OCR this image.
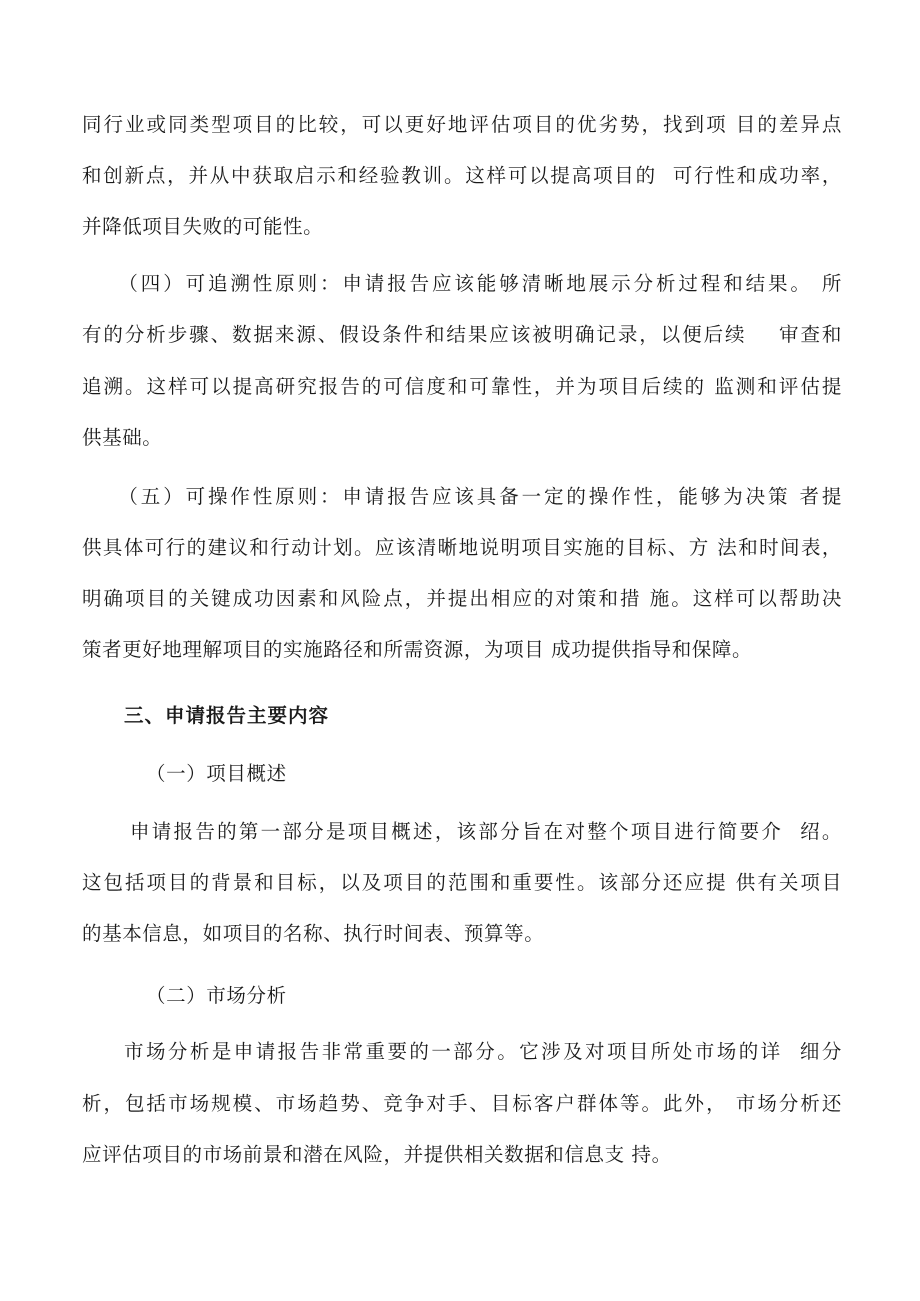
同行业或同类型项目的比较，可以更好地评估项目的优劣势，找到项 目的差异点
和创新点，并从中获取启示和经验教训。这样可以提高项目的  可行性和成功率，
并降低项目失败的可能性。
（四）可追溯性原则：申请报告应该能够清晰地展示分析过程和结果。 所
有的分析步骤、数据来源、假设条件和结果应该被明确记录，以便后续    审查和
追溯。这样可以提高研究报告的可信度和可靠性，并为项目后续的 监测和评估提
供基础。
（五）可操作性原则：申请报告应该具备一定的操作性，能够为决策 者提
供具体可行的建议和行动计划。应该清晰地说明项目实施的目标、方 法和时间表，
明确项目的关键成功因素和风险点，并提出相应的对策和措 施。这样可以帮助决
策者更好地理解项目的实施路径和所需资源，为项目 成功提供指导和保障。
三、申请报告主要内容
（一）项目概述
申请报告的第一部分是项目概述，该部分旨在对整个项目进行简要介  绍。
这包括项目的背景和目标，以及项目的范围和重要性。该部分还应提 供有关项目
的基本信息，如项目的名称、执行时间表、预算等。
（二）市场分析
市场分析是申请报告非常重要的一部分。它涉及对项目所处市场的详  细分
析，包括市场规模、市场趋势、竞争对手、目标客户群体等。此外， 市场分析还
应评估项目的市场前景和潜在风险，并提供相关数据和信息支 持。
